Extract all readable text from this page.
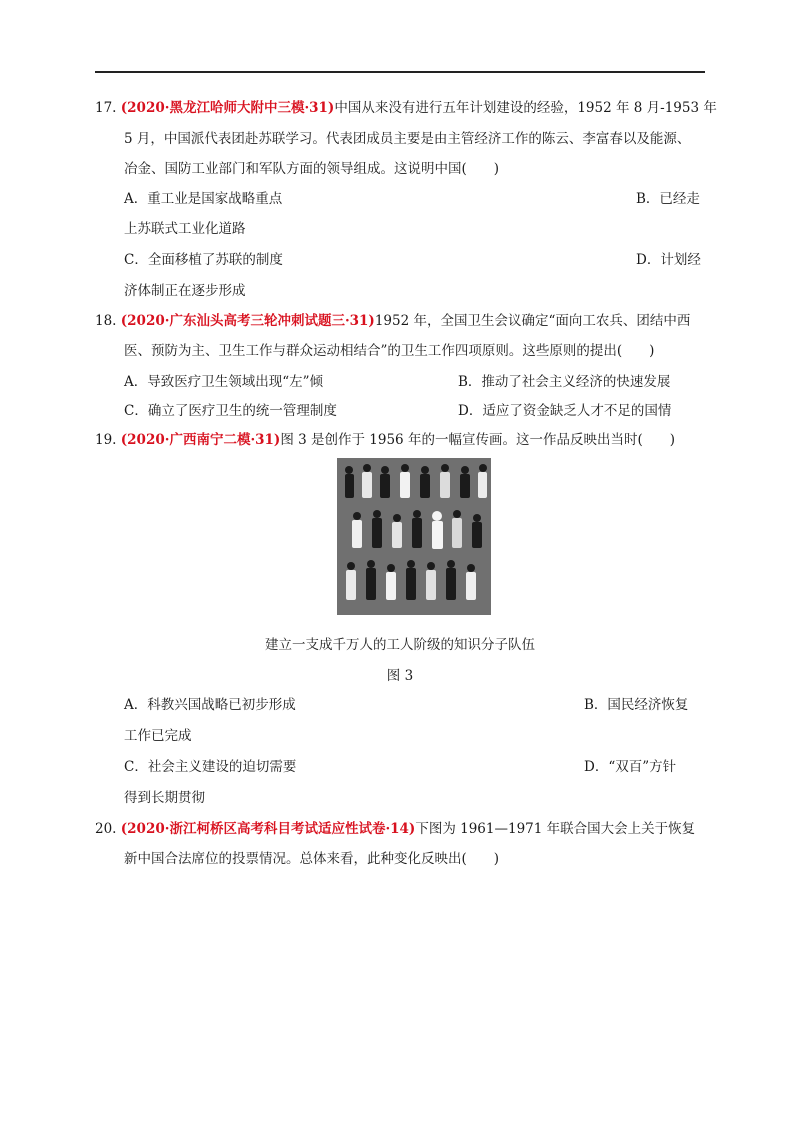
17. (2020·黑龙江哈师大附中三模·31)中国从来没有进行五年计划建设的经验，1952 年 8 月-1953 年
5 月，中国派代表团赴苏联学习。代表团成员主要是由主管经济工作的陈云、李富春以及能源、
冶金、国防工业部门和军队方面的领导组成。这说明中国(　　)
A．重工业是国家战略重点	B．已经走
上苏联式工业化道路
C．全面移植了苏联的制度	D．计划经
济体制正在逐步形成
18. (2020·广东汕头高考三轮冲刺试题三·31)1952 年，全国卫生会议确定“面向工农兵、团结中西
医、预防为主、卫生工作与群众运动相结合”的卫生工作四项原则。这些原则的提出(　　)
A．导致医疗卫生领域出现“左”倾	B．推动了社会主义经济的快速发展
C．确立了医疗卫生的统一管理制度	D．适应了资金缺乏人才不足的国情
19. (2020·广西南宁二模·31)图 3 是创作于 1956 年的一幅宣传画。这一作品反映出当时(　　)
建立一支成千万人的工人阶级的知识分子队伍
图 3
A．科教兴国战略已初步形成	B．国民经济恢复
工作已完成
C．社会主义建设的迫切需要	D．“双百”方针
得到长期贯彻
20. (2020·浙江柯桥区高考科目考试适应性试卷·14)下图为 1961—1971 年联合国大会上关于恢复
新中国合法席位的投票情况。总体来看，此种变化反映出(　　)
